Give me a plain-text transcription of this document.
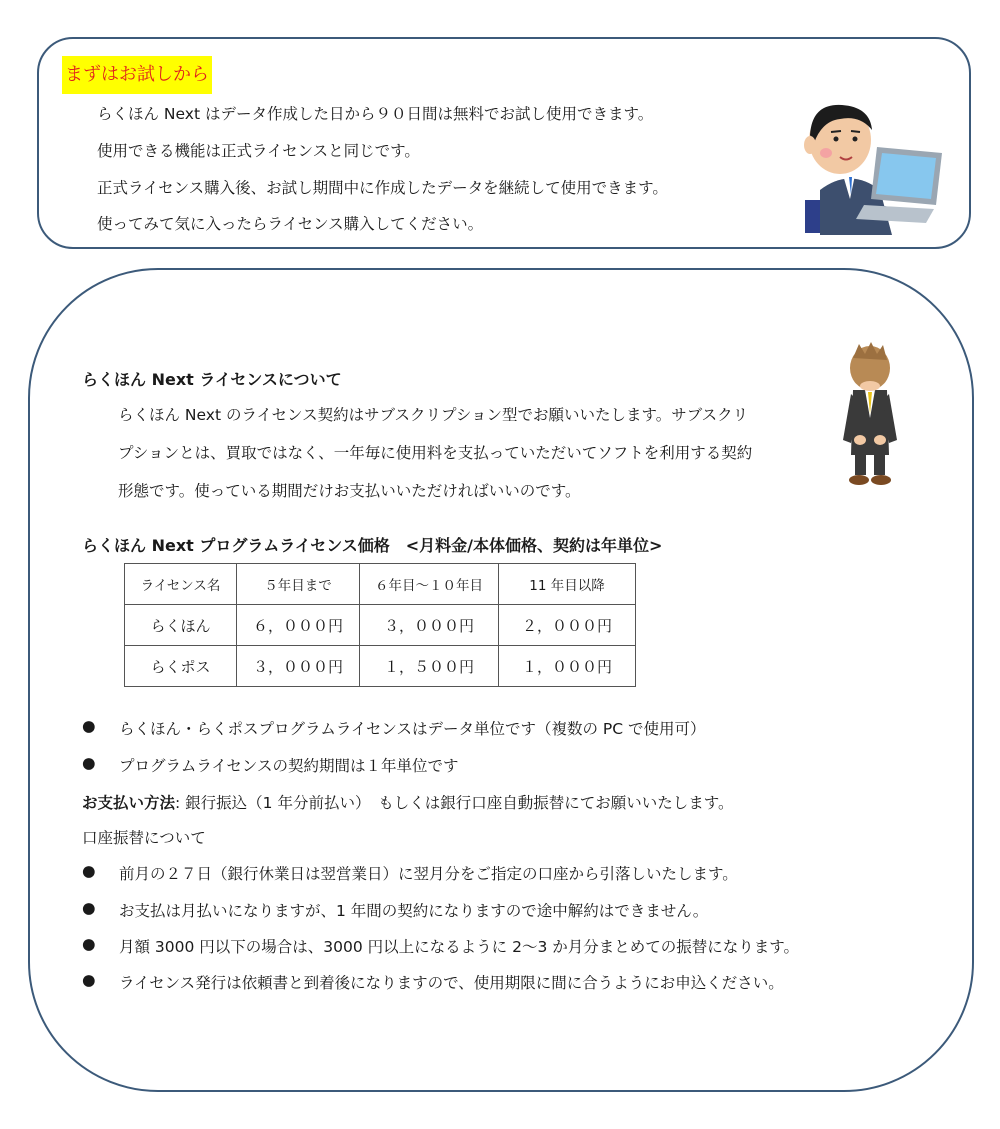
まずはお試しから
らくほん Next はデータ作成した日から９０日間は無料でお試し使用できます。
使用できる機能は正式ライセンスと同じです。
正式ライセンス購入後、お試し期間中に作成したデータを継続して使用できます。
使ってみて気に入ったらライセンス購入してください。
らくほん Next ライセンスについて
らくほん Next のライセンス契約はサブスクリプション型でお願いいたします。サブスクリ
プションとは、買取ではなく、一年毎に使用料を支払っていただいてソフトを利用する契約
形態です。使っている期間だけお支払いいただければいいのです。
らくほん Next プログラムライセンス価格　<月料金/本体価格、契約は年単位>
ライセンス名	５年目まで	６年目～１０年目	11 年目以降
らくほん	６，０００円	３，０００円	２，０００円
らくポス	３，０００円	１，５００円	１，０００円
● らくほん・らくポスプログラムライセンスはデータ単位です（複数の PC で使用可）
● プログラムライセンスの契約期間は１年単位です
お支払い方法: 銀行振込（1 年分前払い）　もしくは銀行口座自動振替にてお願いいたします。
口座振替について
● 前月の２７日（銀行休業日は翌営業日）に翌月分をご指定の口座から引落しいたします。
● お支払は月払いになりますが、1 年間の契約になりますので途中解約はできません。
● 月額 3000 円以下の場合は、3000 円以上になるように 2～3 か月分まとめての振替になります。
● ライセンス発行は依頼書と到着後になりますので、使用期限に間に合うようにお申込ください。
